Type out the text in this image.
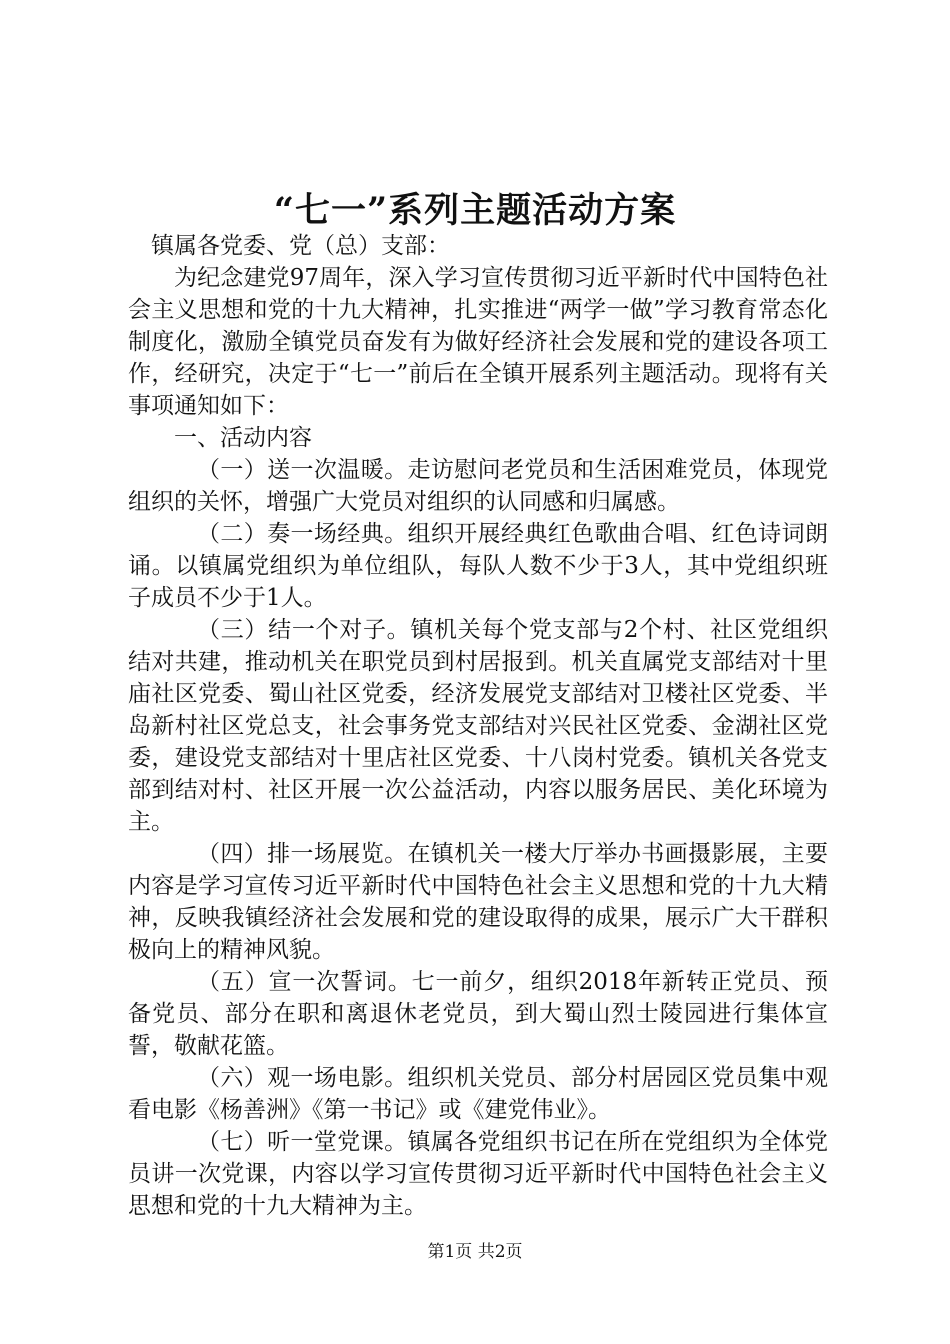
“七一”系列主题活动方案

镇属各党委、党（总）支部：

为纪念建党97周年，深入学习宣传贯彻习近平新时代中国特色社会主义思想和党的十九大精神，扎实推进“两学一做”学习教育常态化制度化，激励全镇党员奋发有为做好经济社会发展和党的建设各项工作，经研究，决定于“七一”前后在全镇开展系列主题活动。现将有关事项通知如下：

一、活动内容

（一）送一次温暖。走访慰问老党员和生活困难党员，体现党组织的关怀，增强广大党员对组织的认同感和归属感。

（二）奏一场经典。组织开展经典红色歌曲合唱、红色诗词朗诵。以镇属党组织为单位组队，每队人数不少于3人，其中党组织班子成员不少于1人。

（三）结一个对子。镇机关每个党支部与2个村、社区党组织结对共建，推动机关在职党员到村居报到。机关直属党支部结对十里庙社区党委、蜀山社区党委，经济发展党支部结对卫楼社区党委、半岛新村社区党总支，社会事务党支部结对兴民社区党委、金湖社区党委，建设党支部结对十里店社区党委、十八岗村党委。镇机关各党支部到结对村、社区开展一次公益活动，内容以服务居民、美化环境为主。

（四）排一场展览。在镇机关一楼大厅举办书画摄影展，主要内容是学习宣传习近平新时代中国特色社会主义思想和党的十九大精神，反映我镇经济社会发展和党的建设取得的成果，展示广大干群积极向上的精神风貌。

（五）宣一次誓词。七一前夕，组织2018年新转正党员、预备党员、部分在职和离退休老党员，到大蜀山烈士陵园进行集体宣誓，敬献花篮。

（六）观一场电影。组织机关党员、部分村居园区党员集中观看电影《杨善洲》《第一书记》或《建党伟业》。

（七）听一堂党课。镇属各党组织书记在所在党组织为全体党员讲一次党课，内容以学习宣传贯彻习近平新时代中国特色社会主义思想和党的十九大精神为主。

第1页 共2页
